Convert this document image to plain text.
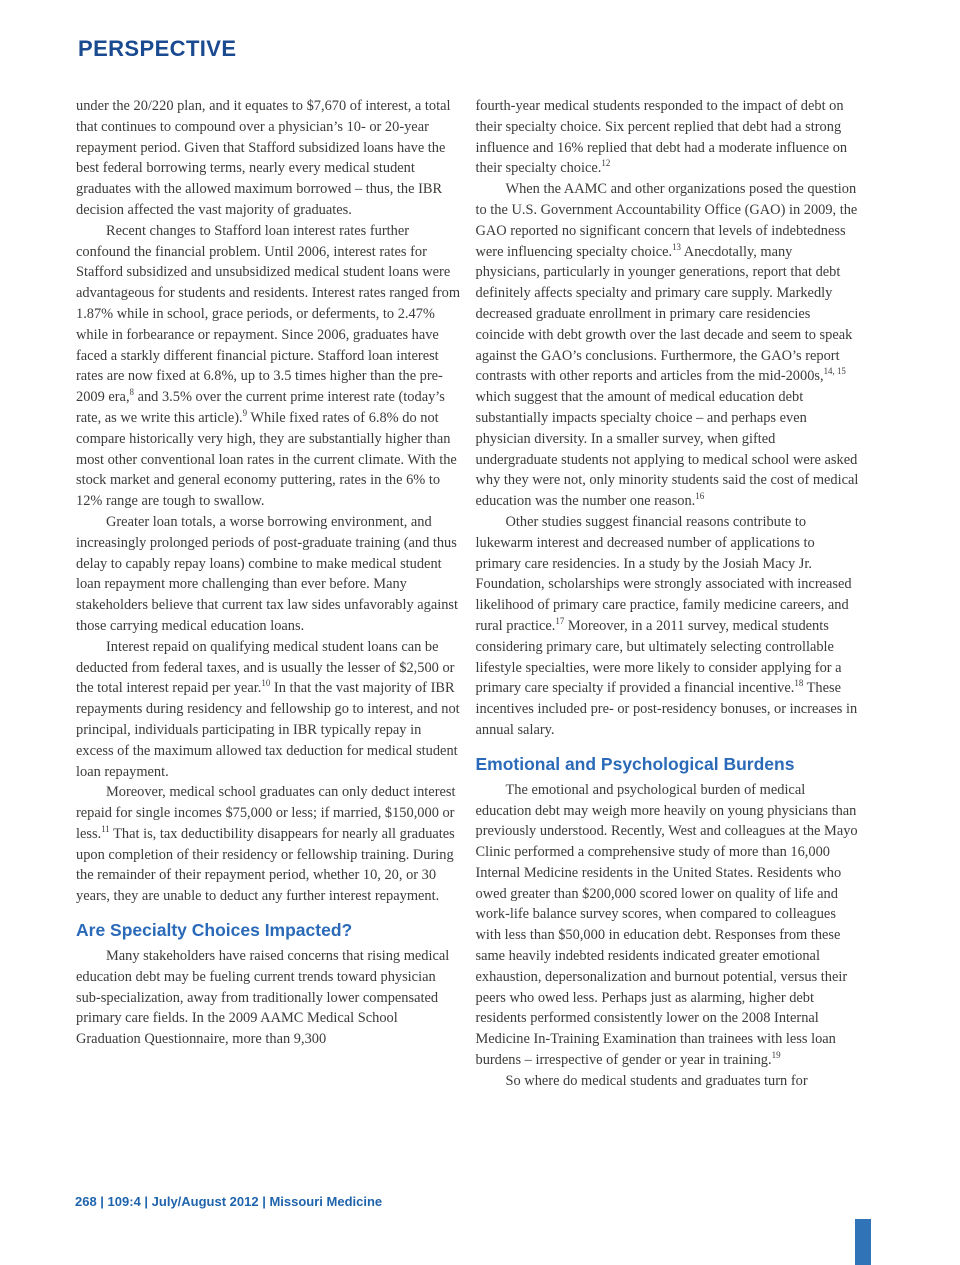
PERSPECTIVE

under the 20/220 plan, and it equates to $7,670 of interest, a total that continues to compound over a physician’s 10- or 20-year repayment period. Given that Stafford subsidized loans have the best federal borrowing terms, nearly every medical student graduates with the allowed maximum borrowed – thus, the IBR decision affected the vast majority of graduates.

Recent changes to Stafford loan interest rates further confound the financial problem. Until 2006, interest rates for Stafford subsidized and unsubsidized medical student loans were advantageous for students and residents. Interest rates ranged from 1.87% while in school, grace periods, or deferments, to 2.47% while in forbearance or repayment. Since 2006, graduates have faced a starkly different financial picture. Stafford loan interest rates are now fixed at 6.8%, up to 3.5 times higher than the pre-2009 era,$^8$ and 3.5% over the current prime interest rate (today’s rate, as we write this article).$^9$ While fixed rates of 6.8% do not compare historically very high, they are substantially higher than most other conventional loan rates in the current climate. With the stock market and general economy puttering, rates in the 6% to 12% range are tough to swallow.

Greater loan totals, a worse borrowing environment, and increasingly prolonged periods of post-graduate training (and thus delay to capably repay loans) combine to make medical student loan repayment more challenging than ever before. Many stakeholders believe that current tax law sides unfavorably against those carrying medical education loans.

Interest repaid on qualifying medical student loans can be deducted from federal taxes, and is usually the lesser of $2,500 or the total interest repaid per year.$^{10}$ In that the vast majority of IBR repayments during residency and fellowship go to interest, and not principal, individuals participating in IBR typically repay in excess of the maximum allowed tax deduction for medical student loan repayment.

Moreover, medical school graduates can only deduct interest repaid for single incomes $75,000 or less; if married, $150,000 or less.$^{11}$ That is, tax deductibility disappears for nearly all graduates upon completion of their residency or fellowship training. During the remainder of their repayment period, whether 10, 20, or 30 years, they are unable to deduct any further interest repayment.

Are Specialty Choices Impacted?

Many stakeholders have raised concerns that rising medical education debt may be fueling current trends toward physician sub-specialization, away from traditionally lower compensated primary care fields. In the 2009 AAMC Medical School Graduation Questionnaire, more than 9,300

fourth-year medical students responded to the impact of debt on their specialty choice. Six percent replied that debt had a strong influence and 16% replied that debt had a moderate influence on their specialty choice.$^{12}$

When the AAMC and other organizations posed the question to the U.S. Government Accountability Office (GAO) in 2009, the GAO reported no significant concern that levels of indebtedness were influencing specialty choice.$^{13}$ Anecdotally, many physicians, particularly in younger generations, report that debt definitely affects specialty and primary care supply. Markedly decreased graduate enrollment in primary care residencies coincide with debt growth over the last decade and seem to speak against the GAO’s conclusions. Furthermore, the GAO’s report contrasts with other reports and articles from the mid-2000s,$^{14, 15}$ which suggest that the amount of medical education debt substantially impacts specialty choice – and perhaps even physician diversity. In a smaller survey, when gifted undergraduate students not applying to medical school were asked why they were not, only minority students said the cost of medical education was the number one reason.$^{16}$

Other studies suggest financial reasons contribute to lukewarm interest and decreased number of applications to primary care residencies. In a study by the Josiah Macy Jr. Foundation, scholarships were strongly associated with increased likelihood of primary care practice, family medicine careers, and rural practice.$^{17}$ Moreover, in a 2011 survey, medical students considering primary care, but ultimately selecting controllable lifestyle specialties, were more likely to consider applying for a primary care specialty if provided a financial incentive.$^{18}$ These incentives included pre- or post-residency bonuses, or increases in annual salary.

Emotional and Psychological Burdens

The emotional and psychological burden of medical education debt may weigh more heavily on young physicians than previously understood. Recently, West and colleagues at the Mayo Clinic performed a comprehensive study of more than 16,000 Internal Medicine residents in the United States. Residents who owed greater than $200,000 scored lower on quality of life and work-life balance survey scores, when compared to colleagues with less than $50,000 in education debt. Responses from these same heavily indebted residents indicated greater emotional exhaustion, depersonalization and burnout potential, versus their peers who owed less. Perhaps just as alarming, higher debt residents performed consistently lower on the 2008 Internal Medicine In-Training Examination than trainees with less loan burdens – irrespective of gender or year in training.$^{19}$

So where do medical students and graduates turn for

268 | 109:4 | July/August 2012 | Missouri Medicine
